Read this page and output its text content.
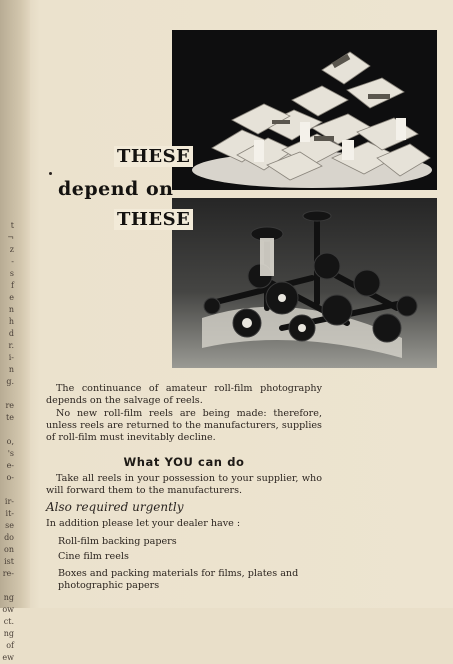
t
¬
z
-
s
f
e
n
h
d
r.
i-
n
g.

re
te

o,
's
e-
o-

ir-
it-
se
do
on
ist
re-

ng
ow
ct.
ng
of
ew
THESE
depend on
THESE

The continuance of amateur roll-film photography depends on the salvage of reels.

No new roll-film reels are being made: therefore, unless reels are returned to the manufacturers, supplies of roll-film must inevitably decline.

What YOU can do

Take all reels in your possession to your supplier, who will forward them to the manufacturers.

Also required urgently

In addition please let your dealer have :

Roll-film backing papers
Cine film reels
Boxes and packing materials for films, plates and photographic papers
